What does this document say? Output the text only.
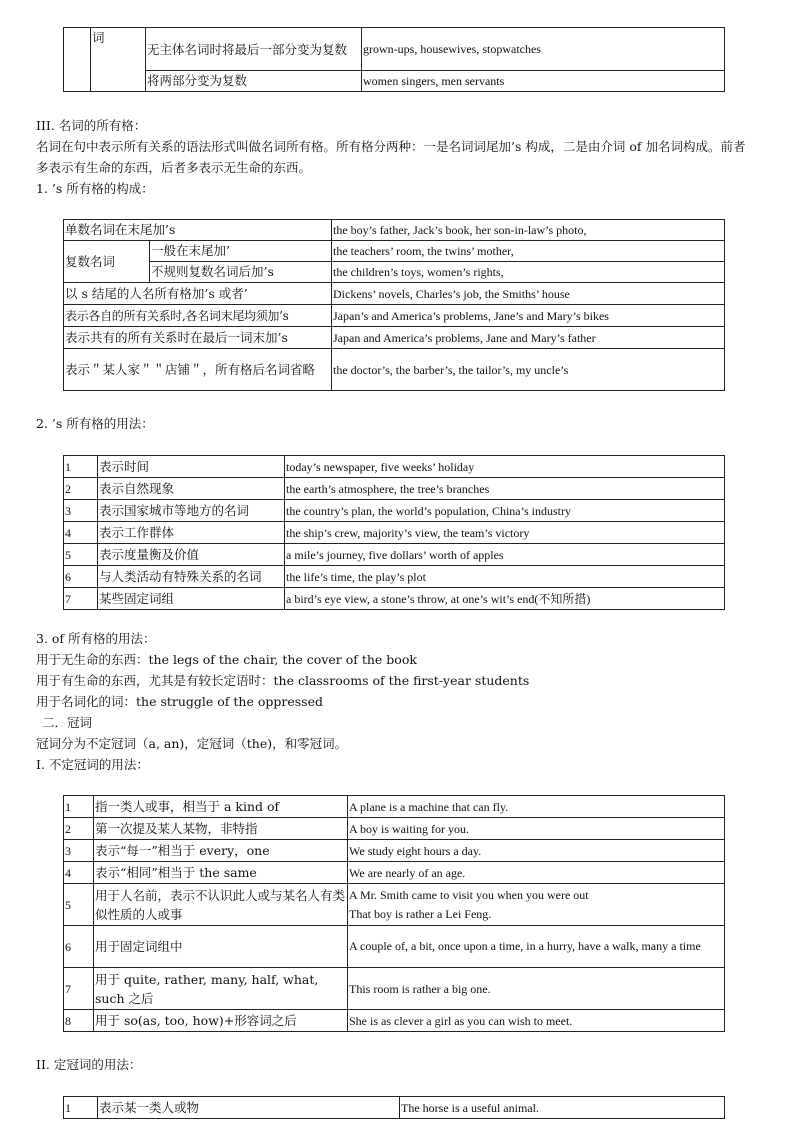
	词	无主体名词时将最后一部分变为复数	grown-ups, housewives, stopwatches
		将两部分变为复数	women singers, men servants
III. 名词的所有格：
名词在句中表示所有关系的语法形式叫做名词所有格。所有格分两种：一是名词词尾加’s 构成，二是由介词 of 加名词构成。前者多表示有生命的东西，后者多表示无生命的东西。
1. ’s 所有格的构成：
单数名词在末尾加’s		the boy’s father, Jack’s book, her son-in-law’s photo,
复数名词	一般在末尾加’	the teachers’ room, the twins’ mother,
	不规则复数名词后加’s	the children’s toys, women’s rights,
以 s 结尾的人名所有格加’s 或者’		Dickens’ novels, Charles’s job, the Smiths’ house
表示各自的所有关系时,各名词末尾均须加’s		Japan’s and America’s problems, Jane’s and Mary’s bikes
表示共有的所有关系时在最后一词末加’s		Japan and America’s problems, Jane and Mary’s father
表示＂某人家＂＂店铺＂，所有格后名词省略		the doctor’s, the barber’s, the tailor’s, my uncle’s
2. ’s 所有格的用法：
1	表示时间	today’s newspaper, five weeks’ holiday
2	表示自然现象	the earth’s atmosphere, the tree’s branches
3	表示国家城市等地方的名词	the country’s plan, the world’s population, China’s industry
4	表示工作群体	the ship’s crew, majority’s view, the team’s victory
5	表示度量衡及价值	a mile’s journey, five dollars’ worth of apples
6	与人类活动有特殊关系的名词	the life’s time, the play’s plot
7	某些固定词组	a bird’s eye view, a stone’s throw, at one’s wit’s end(不知所措)
3. of 所有格的用法：
用于无生命的东西：the legs of the chair, the cover of the book
用于有生命的东西，尤其是有较长定语时：the classrooms of the first-year students
用于名词化的词：the struggle of the oppressed
二．冠词
冠词分为不定冠词（a, an)，定冠词（the)，和零冠词。
I. 不定冠词的用法：
1	指一类人或事，相当于 a kind of	A plane is a machine that can fly.
2	第一次提及某人某物，非特指	A boy is waiting for you.
3	表示“每一”相当于 every，one	We study eight hours a day.
4	表示“相同”相当于 the same	We are nearly of an age.
5	用于人名前，表示不认识此人或与某名人有类似性质的人或事	A Mr. Smith came to visit you when you were out
That boy is rather a Lei Feng.
6	用于固定词组中	A couple of, a bit, once upon a time, in a hurry, have a walk, many a time
7	用于 quite, rather, many, half, what, such 之后	This room is rather a big one.
8	用于 so(as, too, how)+形容词之后	She is as clever a girl as you can wish to meet.
II. 定冠词的用法：
1	表示某一类人或物	The horse is a useful animal.
